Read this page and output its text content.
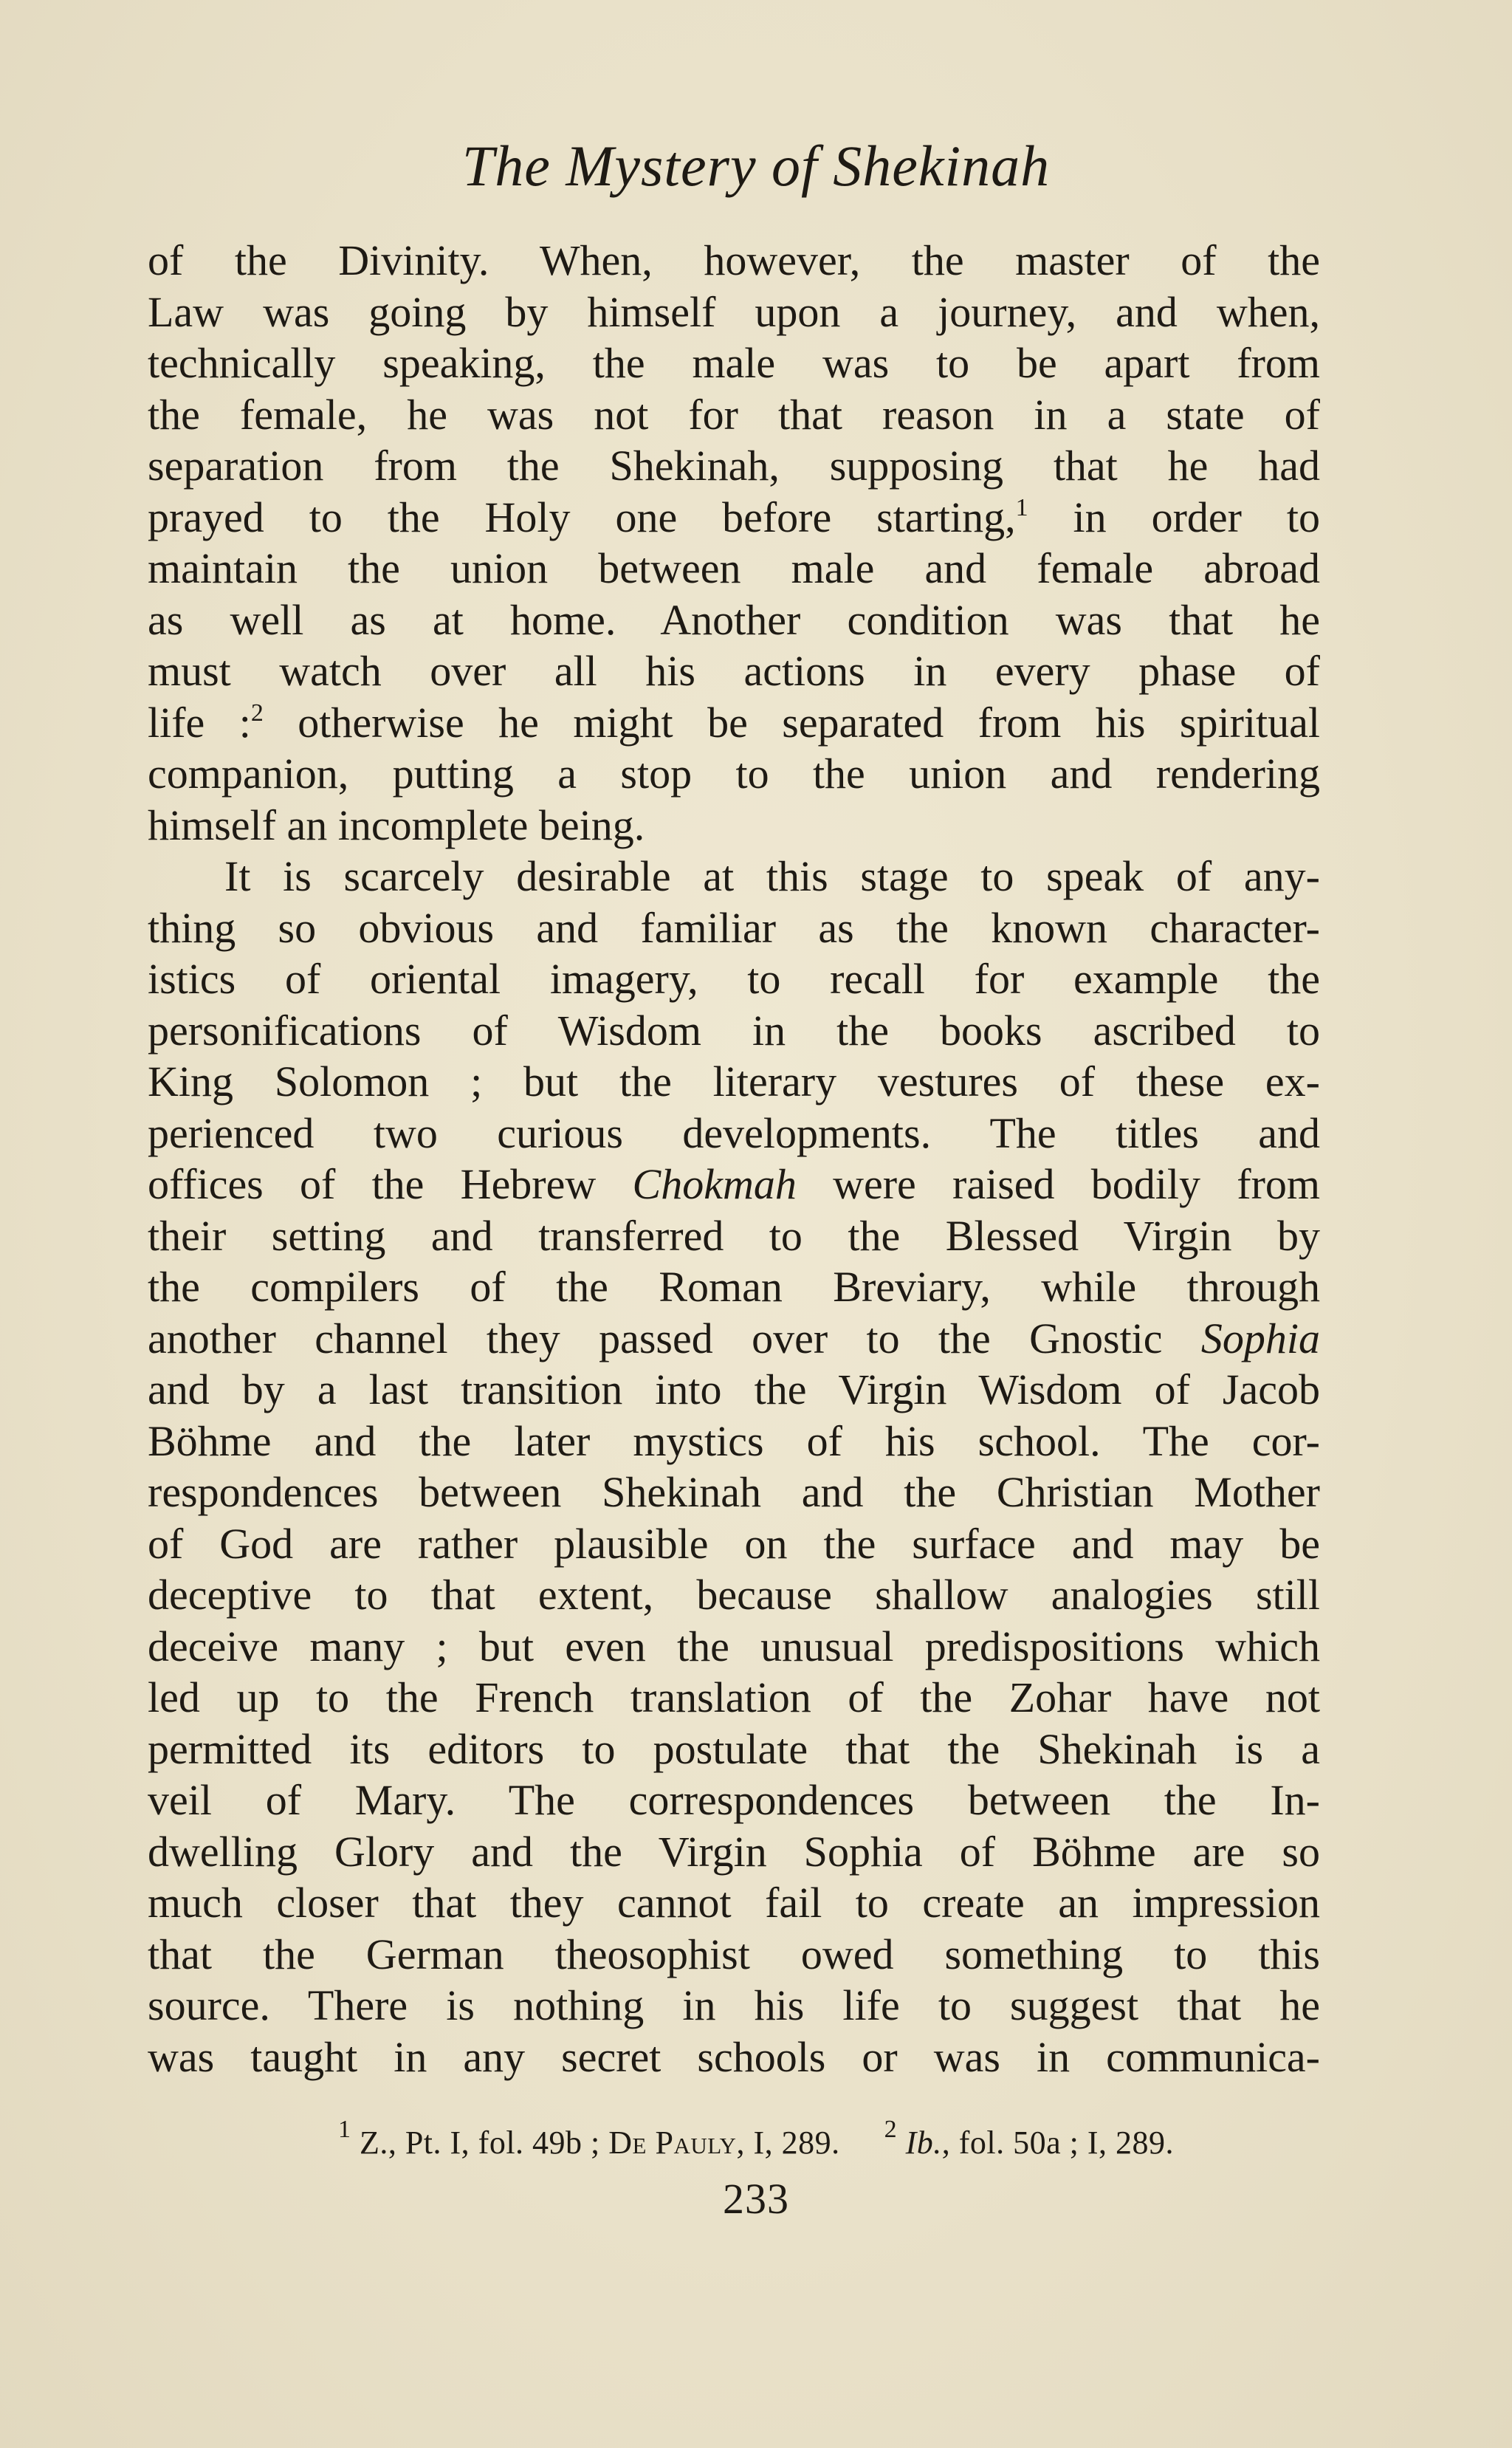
The Mystery of Shekinah
of the Divinity. When, however, the master of the
Law was going by himself upon a journey, and when,
technically speaking, the male was to be apart from
the female, he was not for that reason in a state of
separation from the Shekinah, supposing that he had
prayed to the Holy one before starting,$^1$ in order to
maintain the union between male and female abroad
as well as at home. Another condition was that he
must watch over all his actions in every phase of
life :$^2$ otherwise he might be separated from his spiritual
companion, putting a stop to the union and rendering
himself an incomplete being.
It is scarcely desirable at this stage to speak of any-
thing so obvious and familiar as the known character-
istics of oriental imagery, to recall for example the
personifications of Wisdom in the books ascribed to
King Solomon ; but the literary vestures of these ex-
perienced two curious developments. The titles and
offices of the Hebrew Chokmah were raised bodily from
their setting and transferred to the Blessed Virgin by
the compilers of the Roman Breviary, while through
another channel they passed over to the Gnostic Sophia
and by a last transition into the Virgin Wisdom of Jacob
Böhme and the later mystics of his school. The cor-
respondences between Shekinah and the Christian Mother
of God are rather plausible on the surface and may be
deceptive to that extent, because shallow analogies still
deceive many ; but even the unusual predispositions which
led up to the French translation of the Zohar have not
permitted its editors to postulate that the Shekinah is a
veil of Mary. The correspondences between the In-
dwelling Glory and the Virgin Sophia of Böhme are so
much closer that they cannot fail to create an impression
that the German theosophist owed something to this
source. There is nothing in his life to suggest that he
was taught in any secret schools or was in communica-
$^1$ Z., Pt. I, fol. 49b ; De Pauly, I, 289. $^2$ Ib., fol. 50a ; I, 289.
233
